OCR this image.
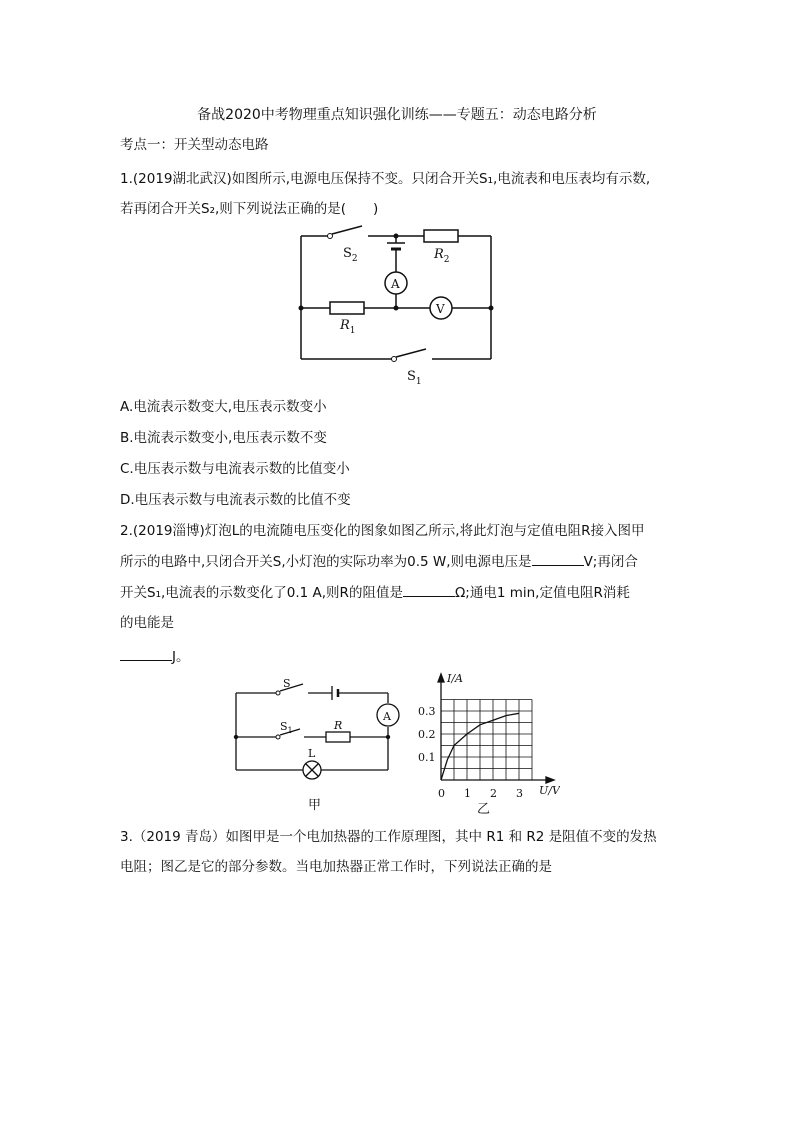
备战2020中考物理重点知识强化训练——专题五：动态电路分析
考点一：开关型动态电路
1.(2019湖北武汉)如图所示,电源电压保持不变。只闭合开关S₁,电流表和电压表均有示数,
若再闭合开关S₂,则下列说法正确的是(　　)
$S_2$	$R_2$
A
V
$R_1$
$S_1$
A.电流表示数变大,电压表示数变小
B.电流表示数变小,电压表示数不变
C.电压表示数与电流表示数的比值变小
D.电压表示数与电流表示数的比值不变
2.(2019淄博)灯泡L的电流随电压变化的图象如图乙所示,将此灯泡与定值电阻R接入图甲
所示的电路中,只闭合开关S,小灯泡的实际功率为0.5 W,则电源电压是	V;再闭合
开关S₁,电流表的示数变化了0.1 A,则R的阻值是	Ω;通电1 min,定值电阻R消耗
的电能是
J。
S
$S_1$	R
L
A
甲
0.3
0.2
0.1
0 1 2 3
I/A
U/V
乙
3.（2019 青岛）如图甲是一个电加热器的工作原理图，其中 R1 和 R2 是阻值不变的发热
电阻；图乙是它的部分参数。当电加热器正常工作时，下列说法正确的是
